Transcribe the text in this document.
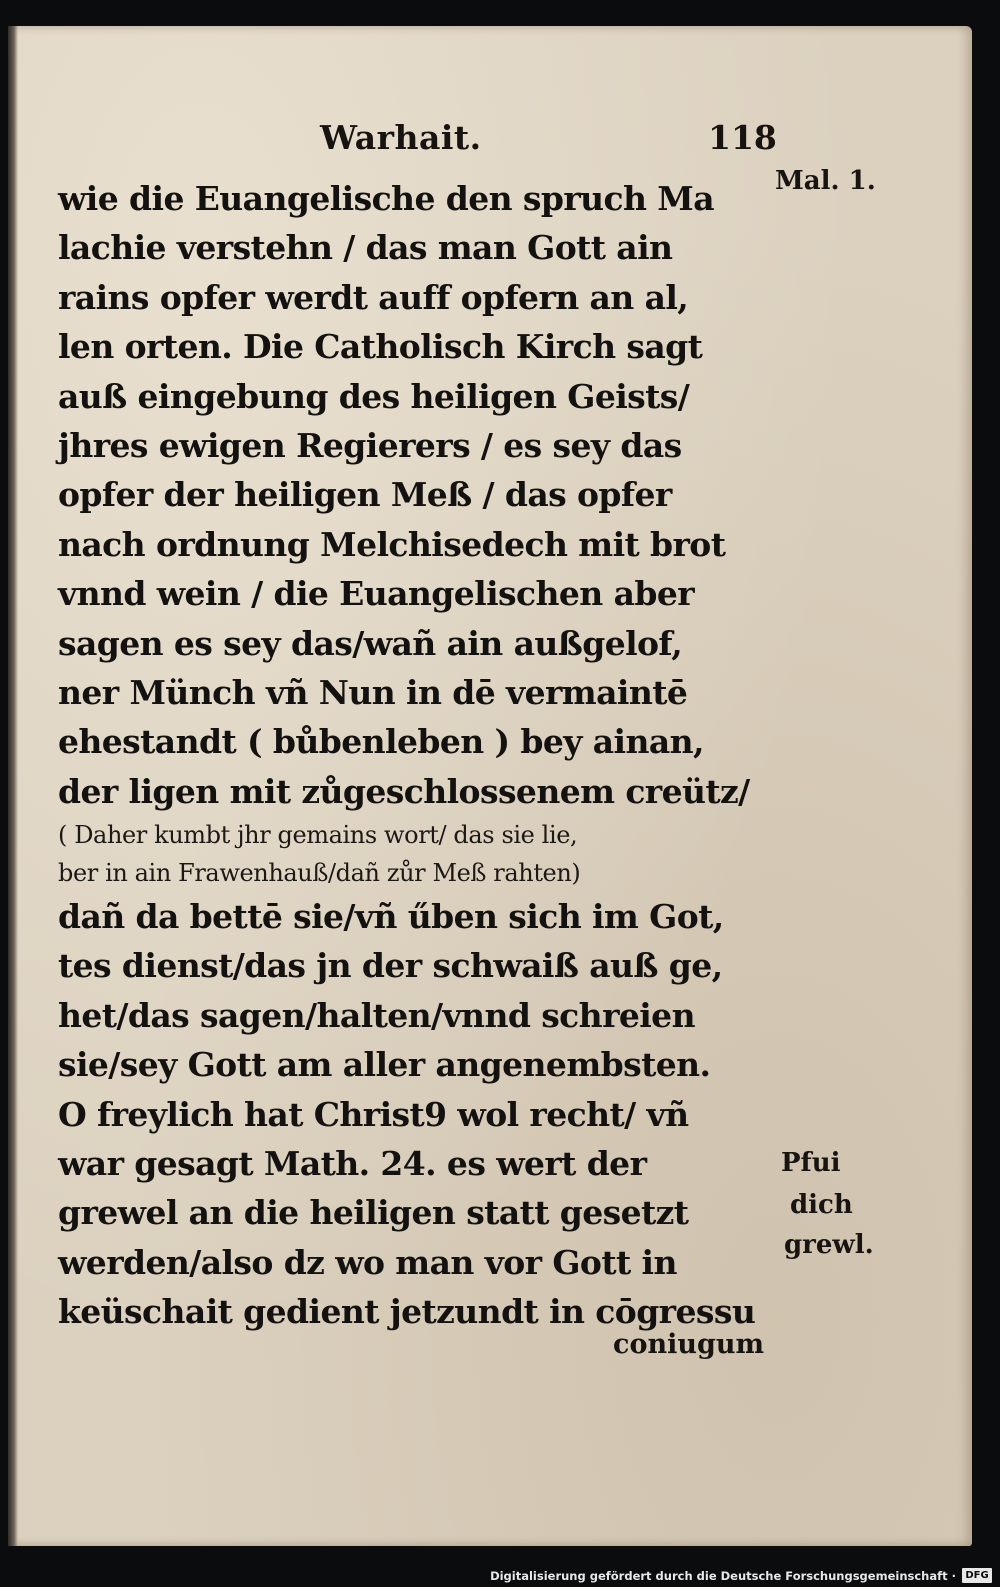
Warhait.	118
Mal. 1.
Pfui
dich
grewl.
wie die Euangelische den spruch Ma
lachie verstehn / das man Gott ain
rains opfer werdt auff opfern an al,
len orten. Die Catholisch Kirch sagt
auß eingebung des heiligen Geists/
jhres ewigen Regierers / es sey das
opfer der heiligen Meß / das opfer
nach ordnung Melchisedech mit brot
vnnd wein / die Euangelischen aber
sagen es sey das/wañ ain außgelof,
ner Münch vñ Nun in dē vermaintē
ehestandt ( bůbenleben ) bey ainan,
der ligen mit zůgeschlossenem creütz/
( Daher kumbt jhr gemains wort/ das sie lie,
ber in ain Frawenhauß/dañ zůr Meß rahten)
dañ da bettē sie/vñ űben sich im Got,
tes dienst/das jn der schwaiß auß ge,
het/das sagen/halten/vnnd schreien
sie/sey Gott am aller angenembsten.
O freylich hat Christ9 wol recht/ vñ
war gesagt Math. 24. es wert der
grewel an die heiligen statt gesetzt
werden/also dz wo man vor Gott in
keüschait gedient jetzundt in cōgressu
coniugum
Digitalisierung gefördert durch die Deutsche Forschungsgemeinschaft · DFG
